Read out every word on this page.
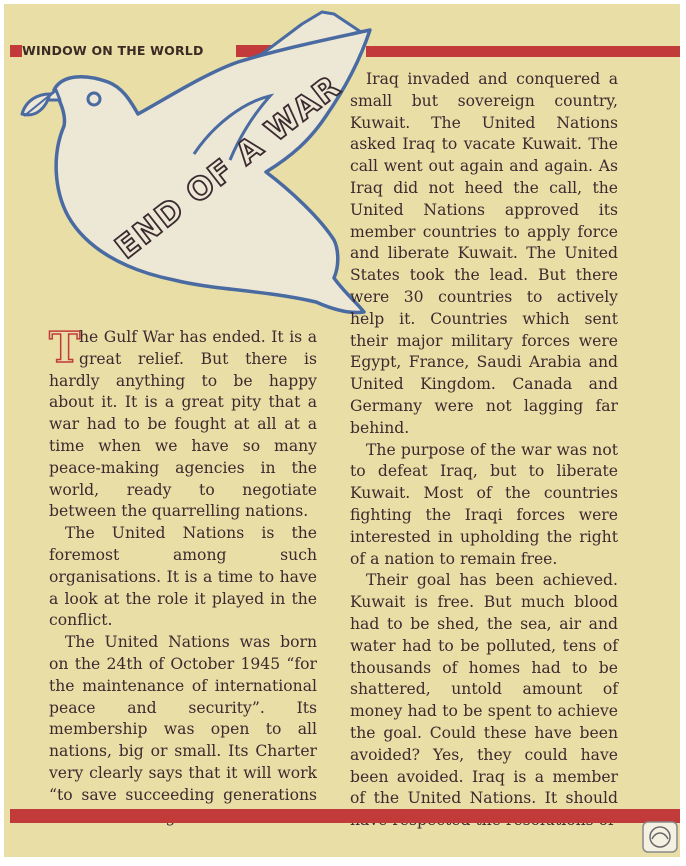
WINDOW ON THE WORLD
END OF A WAR

T
he Gulf War has ended. It is a great relief. But there is hardly anything to be happy about it. It is a great pity that a war had to be fought at all at a time when we have so many peace-making agencies in the world, ready to negotiate between the quarrelling nations.

The United Nations is the foremost among such organisations. It is a time to have a look at the role it played in the conflict.

The United Nations was born on the 24th of October 1945 “for the maintenance of international peace and security”. Its membership was open to all nations, big or small. Its Charter very clearly says that it will work “to save succeeding generations

Iraq invaded and conquered a small but sovereign country, Kuwait. The United Nations asked Iraq to vacate Kuwait. The call went out again and again. As Iraq did not heed the call, the United Nations approved its member countries to apply force and liberate Kuwait. The United States took the lead. But there were 30 countries to actively help it. Countries which sent their major military forces were Egypt, France, Saudi Arabia and United Kingdom. Canada and Germany were not lagging far behind.

The purpose of the war was not to defeat Iraq, but to liberate Kuwait. Most of the countries fighting the Iraqi forces were interested in upholding the right of a nation to remain free.

Their goal has been achieved. Kuwait is free. But much blood had to be shed, the sea, air and water had to be polluted, tens of thousands of homes had to be shattered, untold amount of money had to be spent to achieve the goal. Could these have been avoided? Yes, they could have been avoided. Iraq is a member of the United Nations. It should
